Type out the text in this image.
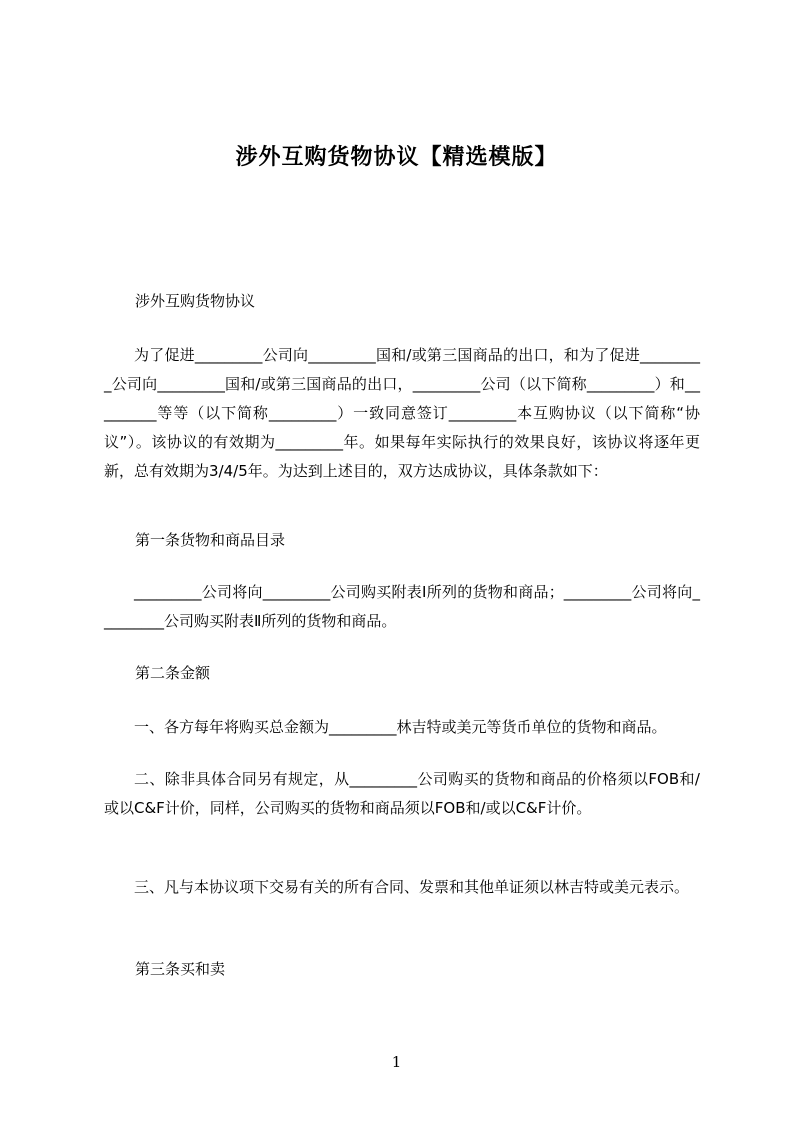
涉外互购货物协议【精选模版】
涉外互购货物协议
为了促进_________公司向_________国和/或第三国商品的出口，和为了促进_________公司向_________国和/或第三国商品的出口，_________公司（以下简称_________）和_________等等（以下简称_________）一致同意签订_________本互购协议（以下简称“协议”）。该协议的有效期为_________年。如果每年实际执行的效果良好，该协议将逐年更新，总有效期为3/4/5年。为达到上述目的，双方达成协议，具体条款如下：
第一条货物和商品目录
_________公司将向_________公司购买附表Ⅰ所列的货物和商品；_________公司将向_________公司购买附表Ⅱ所列的货物和商品。
第二条金额
一、各方每年将购买总金额为_________林吉特或美元等货币单位的货物和商品。
二、除非具体合同另有规定，从_________公司购买的货物和商品的价格须以FOB和/或以C&F计价，同样，公司购买的货物和商品须以FOB和/或以C&F计价。
三、凡与本协议项下交易有关的所有合同、发票和其他单证须以林吉特或美元表示。
第三条买和卖
1
